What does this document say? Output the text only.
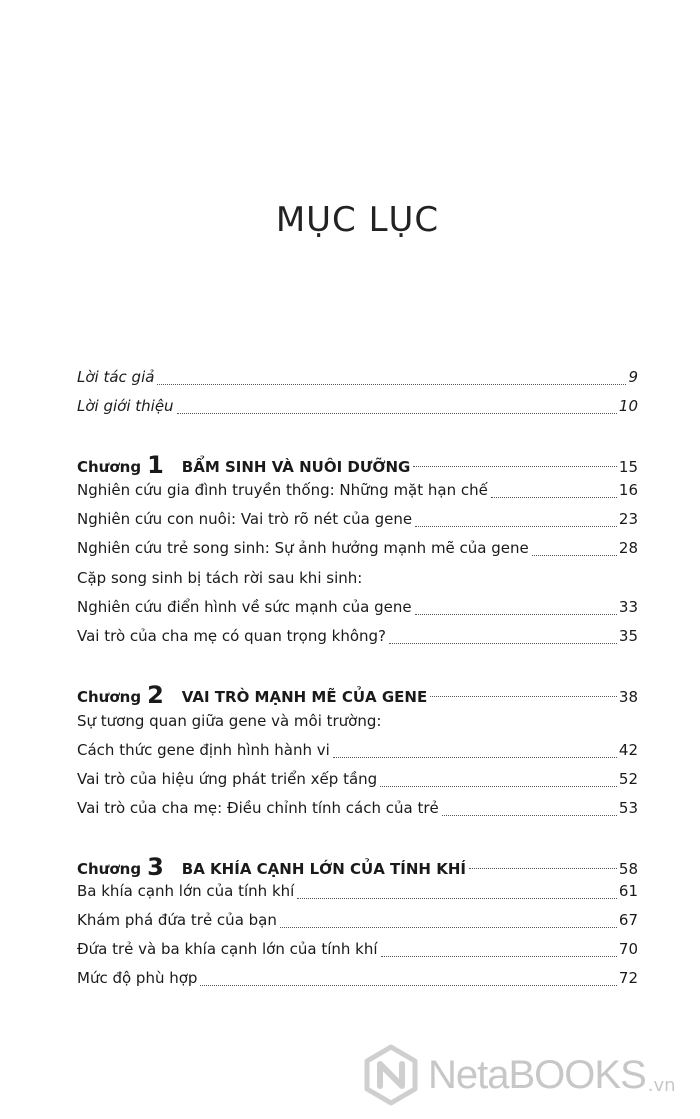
MỤC LỤC
Lời tác giả	9
Lời giới thiệu	10
Chương 1 BẨM SINH VÀ NUÔI DƯỠNG	15
Nghiên cứu gia đình truyền thống: Những mặt hạn chế	16
Nghiên cứu con nuôi: Vai trò rõ nét của gene	23
Nghiên cứu trẻ song sinh: Sự ảnh hưởng mạnh mẽ của gene	28
Cặp song sinh bị tách rời sau khi sinh:
Nghiên cứu điển hình về sức mạnh của gene	33
Vai trò của cha mẹ có quan trọng không?	35
Chương 2 VAI TRÒ MẠNH MẼ CỦA GENE	38
Sự tương quan giữa gene và môi trường:
Cách thức gene định hình hành vi	42
Vai trò của hiệu ứng phát triển xếp tầng	52
Vai trò của cha mẹ: Điều chỉnh tính cách của trẻ	53
Chương 3 BA KHÍA CẠNH LỚN CỦA TÍNH KHÍ	58
Ba khía cạnh lớn của tính khí	61
Khám phá đứa trẻ của bạn	67
Đứa trẻ và ba khía cạnh lớn của tính khí	70
Mức độ phù hợp	72
NetaBOOKS .vn
